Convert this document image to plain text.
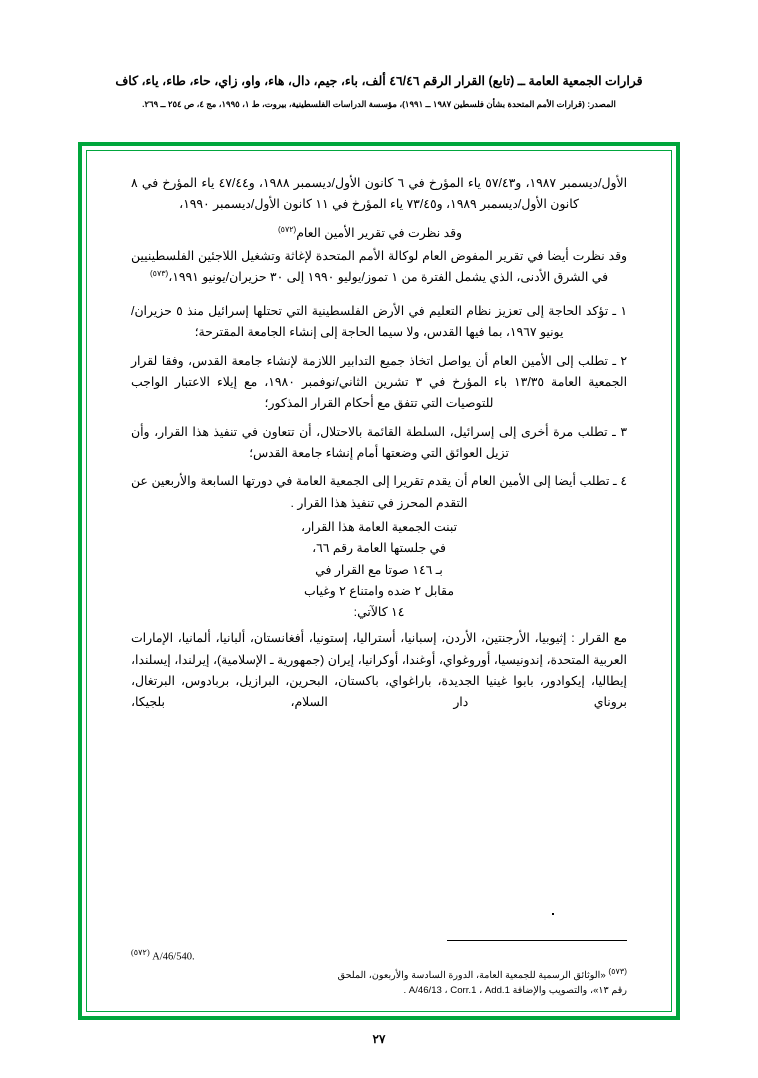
قرارات الجمعية العامة ــ (تابع) القرار الرقم ٤٦/٤٦ ألف، باء، جيم، دال، هاء، واو، زاي، حاء، طاء، ياء، كاف
المصدر: (قرارات الأمم المتحدة بشأن فلسطين ١٩٨٧ ــ ١٩٩١)، مؤسسة الدراسات الفلسطينية، بيروت، ط ١، ١٩٩٥، مج ٤، ص ٢٥٤ ــ ٢٦٩.
الأول/ديسمبر ١٩٨٧، و٥٧/٤٣ ياء المؤرخ في ٦ كانون الأول/ديسمبر ١٩٨٨، و٤٧/٤٤ ياء المؤرخ في ٨ كانون الأول/ديسمبر ١٩٨٩، و٧٣/٤٥ ياء المؤرخ في ١١ كانون الأول/ديسمبر ١٩٩٠،
وقد نظرت في تقرير الأمين العام$^{(٥٧٢)}$
وقد نظرت أيضا في تقرير المفوض العام لوكالة الأمم المتحدة لإغاثة وتشغيل اللاجئين الفلسطينيين في الشرق الأدنى، الذي يشمل الفترة من ١ تموز/يوليو ١٩٩٠ إلى ٣٠ حزيران/يونيو ١٩٩١،$^{(٥٧٣)}$
١ ـ تؤكد الحاجة إلى تعزيز نظام التعليم في الأرض الفلسطينية التي تحتلها إسرائيل منذ ٥ حزيران/يونيو ١٩٦٧، بما فيها القدس، ولا سيما الحاجة إلى إنشاء الجامعة المقترحة؛
٢ ـ تطلب إلى الأمين العام أن يواصل اتخاذ جميع التدابير اللازمة لإنشاء جامعة القدس، وفقا لقرار الجمعية العامة ١٣/٣٥ باء المؤرخ في ٣ تشرين الثاني/نوفمبر ١٩٨٠، مع إيلاء الاعتبار الواجب للتوصيات التي تتفق مع أحكام القرار المذكور؛
٣ ـ تطلب مرة أخرى إلى إسرائيل، السلطة القائمة بالاحتلال، أن تتعاون في تنفيذ هذا القرار، وأن تزيل العوائق التي وضعتها أمام إنشاء جامعة القدس؛
٤ ـ تطلب أيضا إلى الأمين العام أن يقدم تقريرا إلى الجمعية العامة في دورتها السابعة والأربعين عن التقدم المحرز في تنفيذ هذا القرار .
تبنت الجمعية العامة هذا القرار،
في جلستها العامة رقم ٦٦،
بـ ١٤٦ صوتا مع القرار في
مقابل ٢ ضده وامتناع ٢ وغياب
١٤ كالآتي:
مع القرار : إثيوبيا، الأرجنتين، الأردن، إسبانيا، أستراليا، إستونيا، أفغانستان، ألبانيا، ألمانيا، الإمارات العربية المتحدة، إندونيسيا، أوروغواي، أوغندا، أوكرانيا، إيران (جمهورية ـ الإسلامية)، إيرلندا، إيسلندا، إيطاليا، إيكوادور، بابوا غينيا الجديدة، باراغواي، باكستان، البحرين، البرازيل، بربادوس، البرتغال، بروناي دار السلام، بلجيكا،
$^{(٥٧٢)}$ A/46/540.
(٥٧٣) «الوثائق الرسمية للجمعية العامة، الدورة السادسة والأربعون، الملحق
رقم ١٣»، والتصويب والإضافة A/46/13 ، Corr.1 ، Add.1 .
٢٧
